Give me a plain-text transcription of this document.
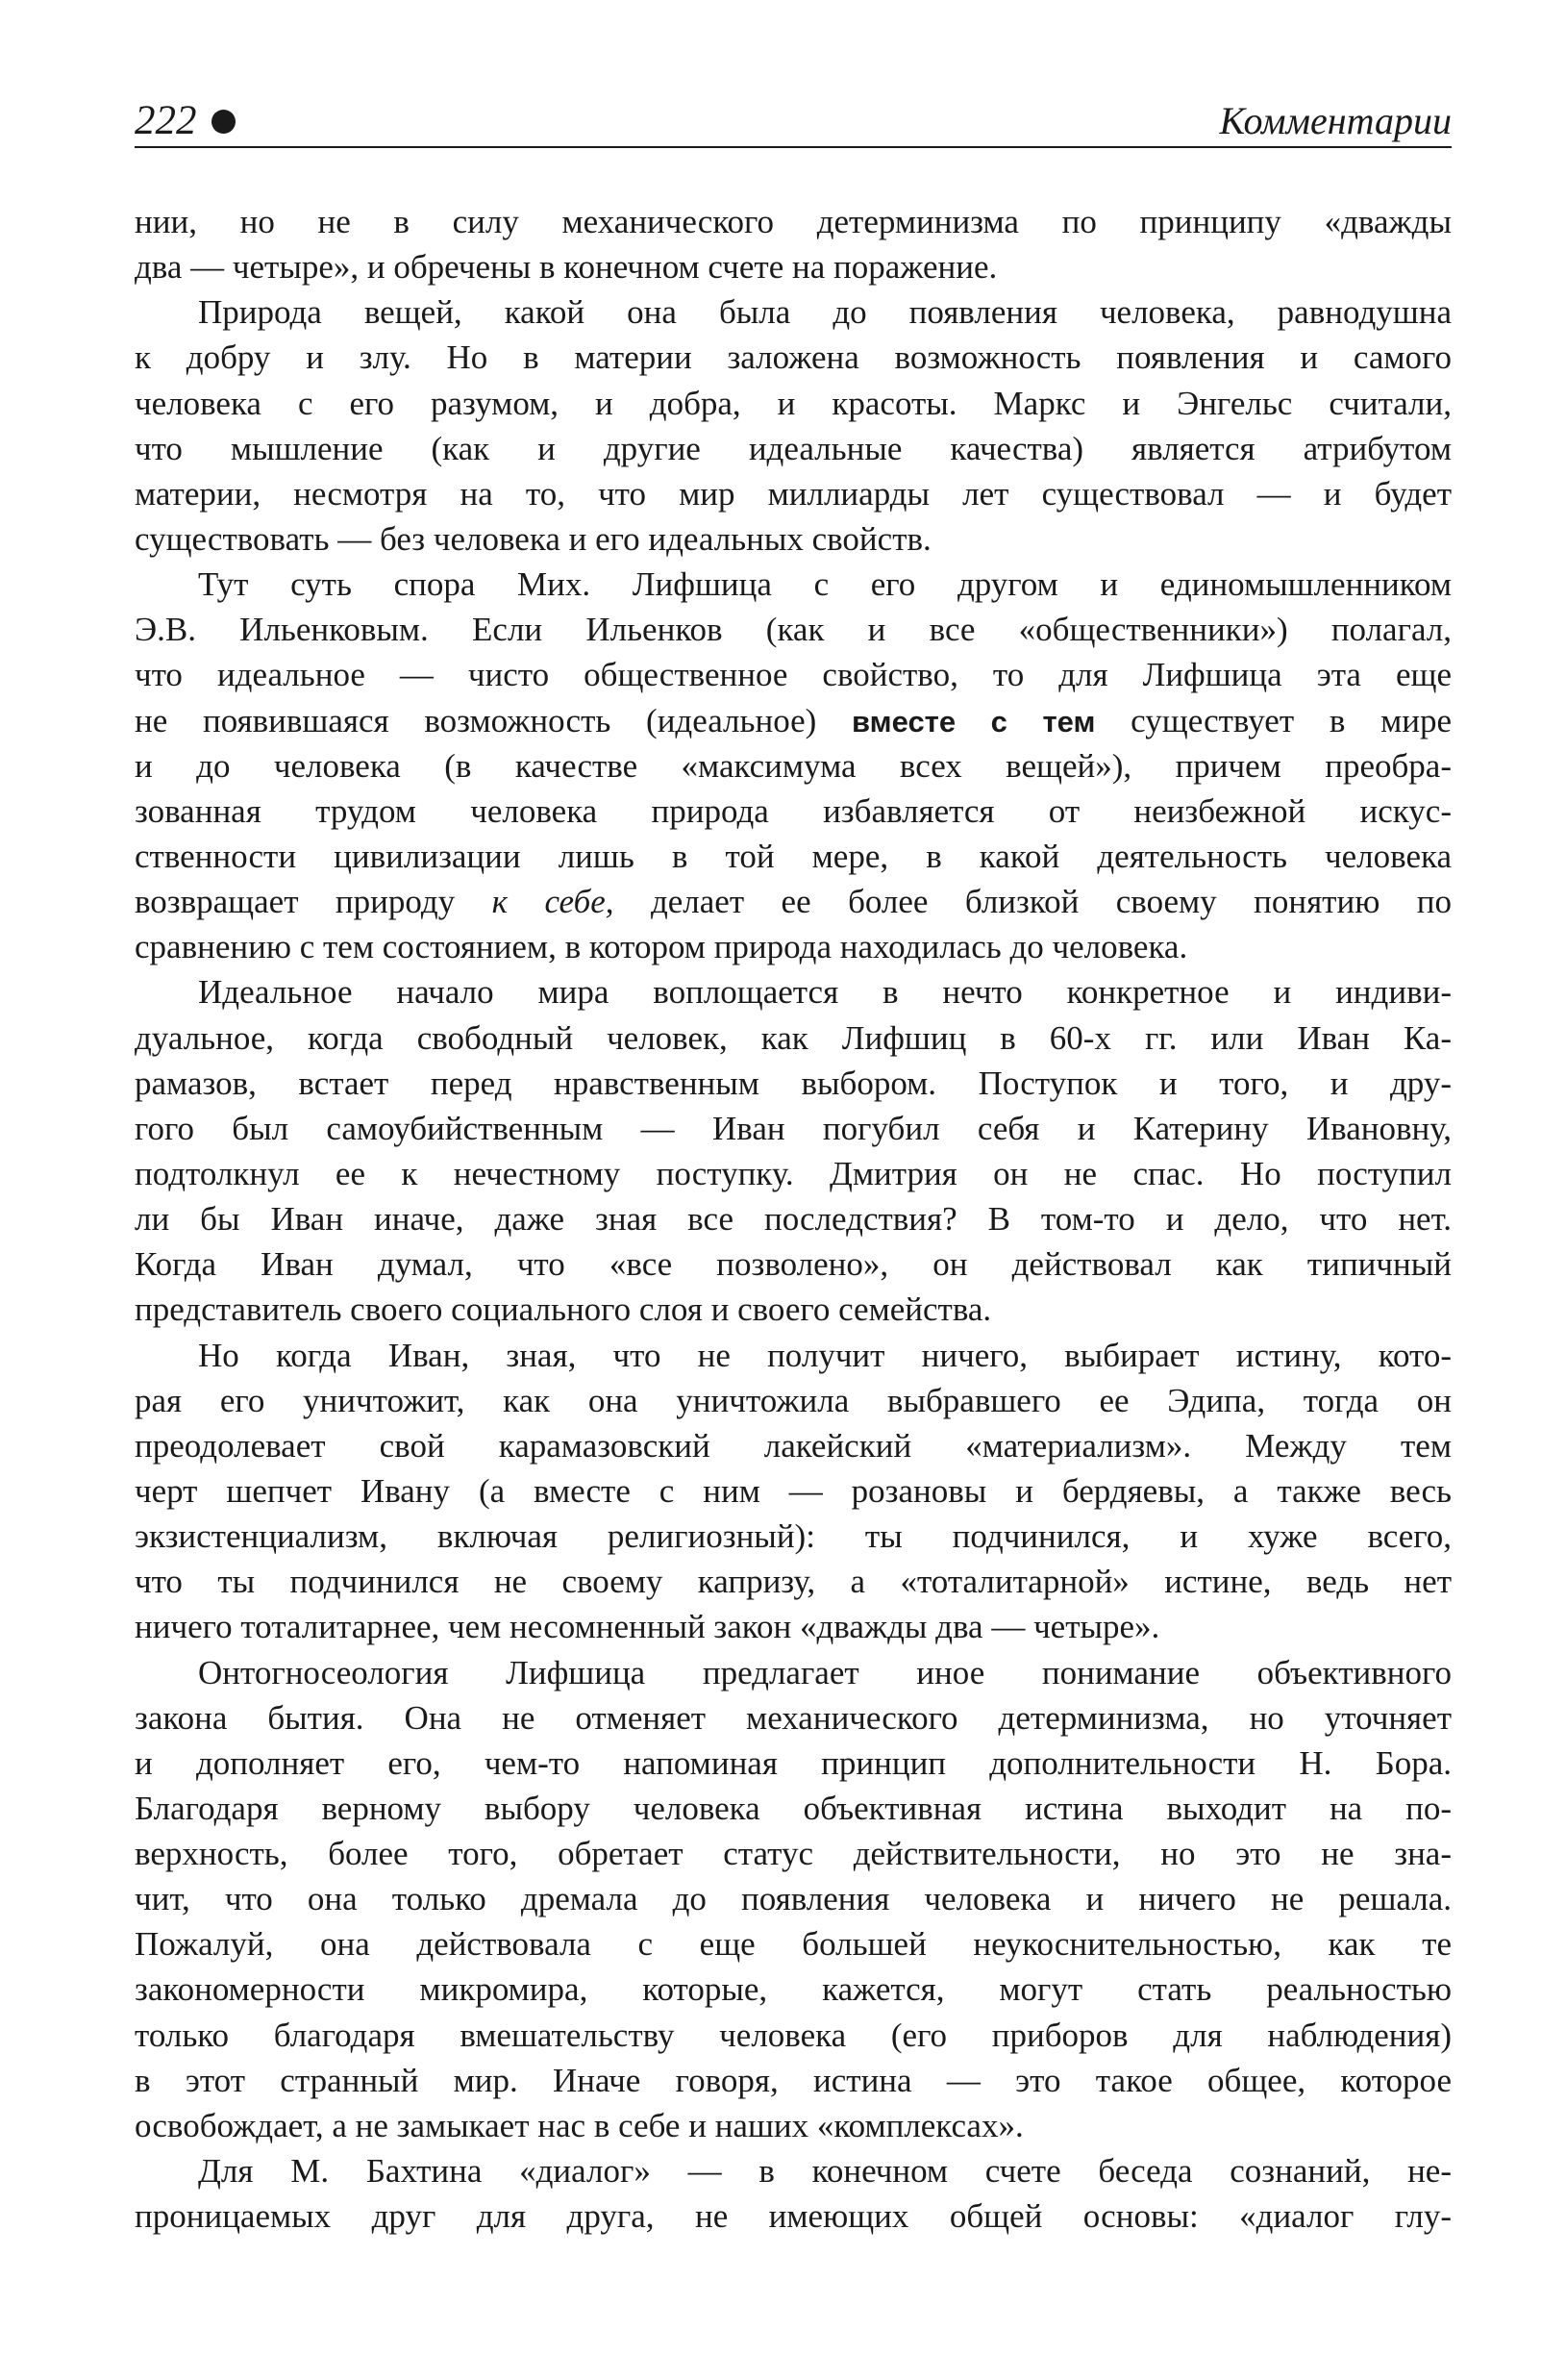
222	Комментарии
нии, но не в силу механического детерминизма по принципу «дважды
два — четыре», и обречены в конечном счете на поражение.
Природа вещей, какой она была до появления человека, равнодушна
к добру и злу. Но в материи заложена возможность появления и самого
человека с его разумом, и добра, и красоты. Маркс и Энгельс считали,
что мышление (как и другие идеальные качества) является атрибутом
материи, несмотря на то, что мир миллиарды лет существовал — и будет
существовать — без человека и его идеальных свойств.
Тут суть спора Мих. Лифшица с его другом и единомышленником
Э.В. Ильенковым. Если Ильенков (как и все «общественники») полагал,
что идеальное — чисто общественное свойство, то для Лифшица эта еще
не появившаяся возможность (идеальное) вместе с тем существует в мире
и до человека (в качестве «максимума всех вещей»), причем преобра-
зованная трудом человека природа избавляется от неизбежной искус-
ственности цивилизации лишь в той мере, в какой деятельность человека
возвращает природу к себе, делает ее более близкой своему понятию по
сравнению с тем состоянием, в котором природа находилась до человека.
Идеальное начало мира воплощается в нечто конкретное и индиви-
дуальное, когда свободный человек, как Лифшиц в 60-х гг. или Иван Ка-
рамазов, встает перед нравственным выбором. Поступок и того, и дру-
гого был самоубийственным — Иван погубил себя и Катерину Ивановну,
подтолкнул ее к нечестному поступку. Дмитрия он не спас. Но поступил
ли бы Иван иначе, даже зная все последствия? В том-то и дело, что нет.
Когда Иван думал, что «все позволено», он действовал как типичный
представитель своего социального слоя и своего семейства.
Но когда Иван, зная, что не получит ничего, выбирает истину, кото-
рая его уничтожит, как она уничтожила выбравшего ее Эдипа, тогда он
преодолевает свой карамазовский лакейский «материализм». Между тем
черт шепчет Ивану (а вместе с ним — розановы и бердяевы, а также весь
экзистенциализм, включая религиозный): ты подчинился, и хуже всего,
что ты подчинился не своему капризу, а «тоталитарной» истине, ведь нет
ничего тоталитарнее, чем несомненный закон «дважды два — четыре».
Онтогносеология Лифшица предлагает иное понимание объективного
закона бытия. Она не отменяет механического детерминизма, но уточняет
и дополняет его, чем-то напоминая принцип дополнительности Н. Бора.
Благодаря верному выбору человека объективная истина выходит на по-
верхность, более того, обретает статус действительности, но это не зна-
чит, что она только дремала до появления человека и ничего не решала.
Пожалуй, она действовала с еще большей неукоснительностью, как те
закономерности микромира, которые, кажется, могут стать реальностью
только благодаря вмешательству человека (его приборов для наблюдения)
в этот странный мир. Иначе говоря, истина — это такое общее, которое
освобождает, а не замыкает нас в себе и наших «комплексах».
Для М. Бахтина «диалог» — в конечном счете беседа сознаний, не-
проницаемых друг для друга, не имеющих общей основы: «диалог глу-
